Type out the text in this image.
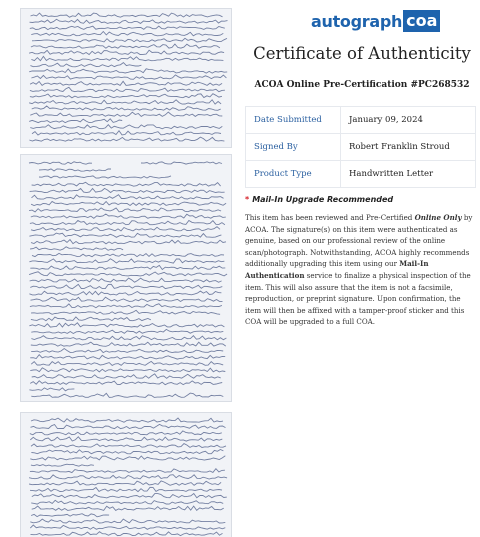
autograph coa
Certificate of Authenticity
ACOA Online Pre-Certification #PC268532
Date Submitted	January 09, 2024
Signed By	Robert Franklin Stroud
Product Type	Handwritten Letter
* Mail-In Upgrade Recommended

This item has been reviewed and Pre-Certified Online Only by ACOA. The signature(s) on this item were authenticated as genuine, based on our professional review of the online scan/photograph. Notwithstanding, ACOA highly recommends additionally upgrading this item using our Mail-In Authentication service to finalize a physical inspection of the item. This will also assure that the item is not a facsimile, reproduction, or preprint signature. Upon confirmation, the item will then be affixed with a tamper-proof sticker and this COA will be upgraded to a full COA.
